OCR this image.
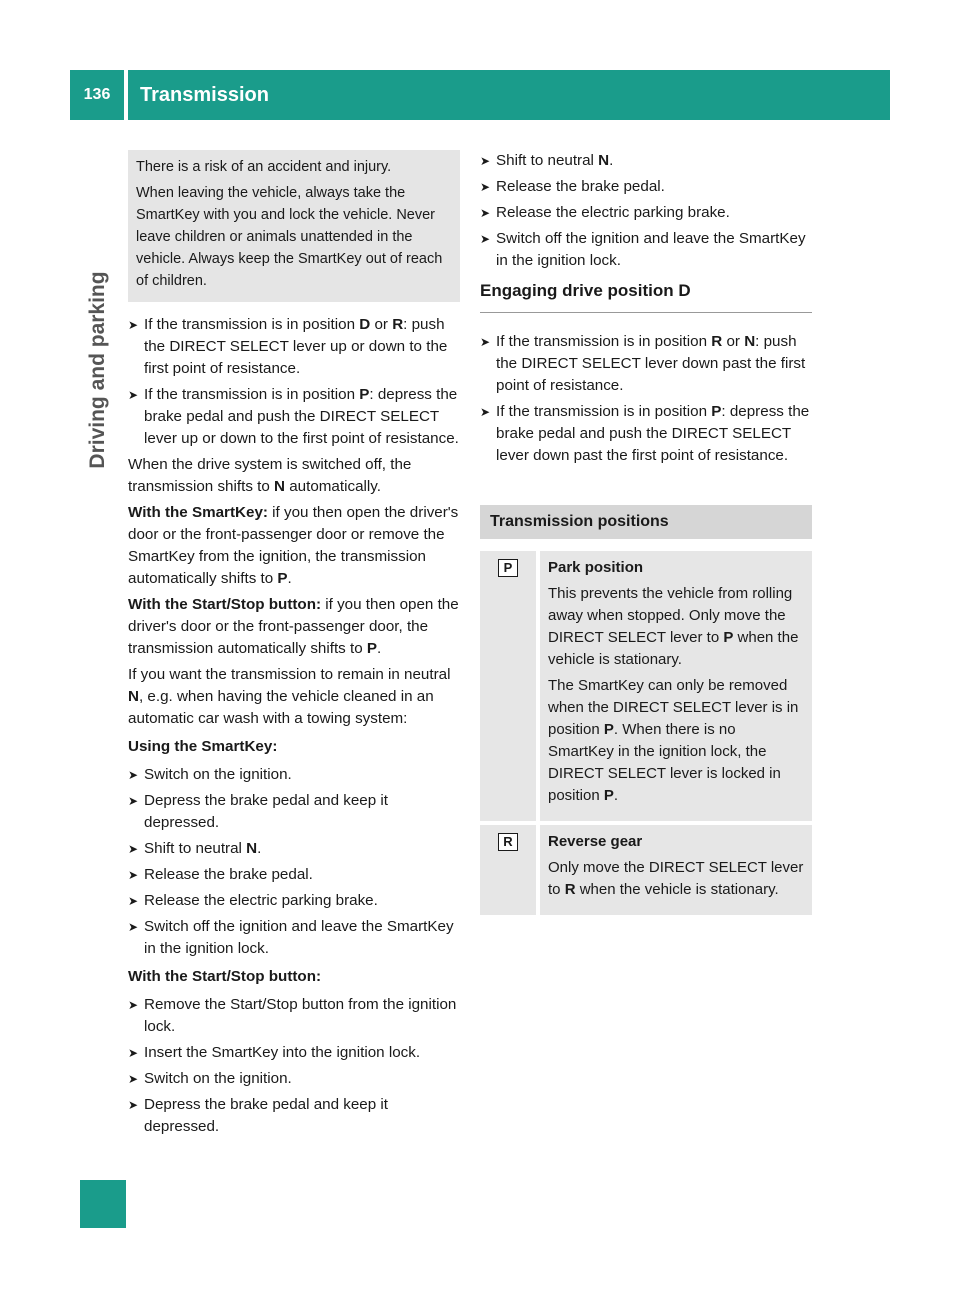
136	Transmission
Driving and parking

There is a risk of an accident and injury.

When leaving the vehicle, always take the SmartKey with you and lock the vehicle. Never leave children or animals unattended in the vehicle. Always keep the SmartKey out of reach of children.

➤ If the transmission is in position D or R: push the DIRECT SELECT lever up or down to the first point of resistance.
➤ If the transmission is in position P: depress the brake pedal and push the DIRECT SELECT lever up or down to the first point of resistance.

When the drive system is switched off, the transmission shifts to N automatically.

With the SmartKey: if you then open the driver's door or the front-passenger door or remove the SmartKey from the ignition, the transmission automatically shifts to P.

With the Start/Stop button: if you then open the driver's door or the front-passenger door, the transmission automatically shifts to P.

If you want the transmission to remain in neutral N, e.g. when having the vehicle cleaned in an automatic car wash with a towing system:

Using the SmartKey:
➤ Switch on the ignition.
➤ Depress the brake pedal and keep it depressed.
➤ Shift to neutral N.
➤ Release the brake pedal.
➤ Release the electric parking brake.
➤ Switch off the ignition and leave the SmartKey in the ignition lock.
With the Start/Stop button:
➤ Remove the Start/Stop button from the ignition lock.
➤ Insert the SmartKey into the ignition lock.
➤ Switch on the ignition.
➤ Depress the brake pedal and keep it depressed.
➤ Shift to neutral N.
➤ Release the brake pedal.
➤ Release the electric parking brake.
➤ Switch off the ignition and leave the SmartKey in the ignition lock.
Engaging drive position D
➤ If the transmission is in position R or N: push the DIRECT SELECT lever down past the first point of resistance.
➤ If the transmission is in position P: depress the brake pedal and push the DIRECT SELECT lever down past the first point of resistance.
Transmission positions
P	Park position

This prevents the vehicle from rolling away when stopped. Only move the DIRECT SELECT lever to P when the vehicle is stationary.

The SmartKey can only be removed when the DIRECT SELECT lever is in position P. When there is no SmartKey in the ignition lock, the DIRECT SELECT lever is locked in position P.

R	Reverse gear

Only move the DIRECT SELECT lever to R when the vehicle is stationary.
